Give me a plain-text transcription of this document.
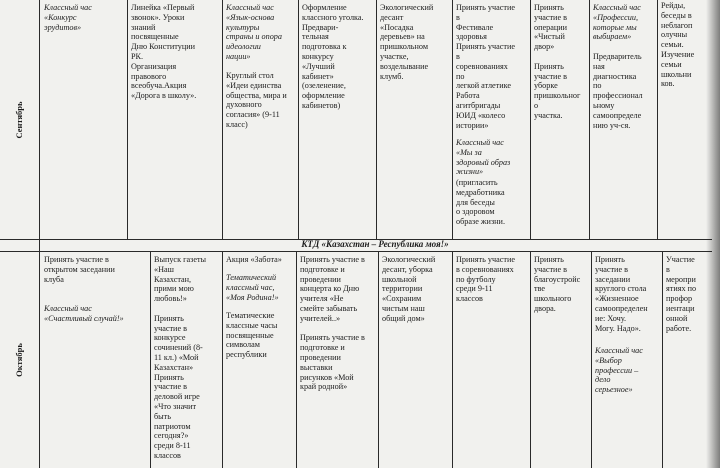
Сентябрь
Октябрь
Классный час
«Конкурс
эрудитов»
Линейка «Первый
звонок». Уроки
знаний
посвященные
Дню Конституции
РК.
Организация
правового
всеобуча.Акция
«Дорога в школу».
Классный час
«Язык-основа
культуры
страны и опора
идеологии
нации»
Круглый стол
«Идеи единства
общества, мира и
духовного
согласия» (9-11
класс)
Оформление
классного уголка.
Предвари-
тельная
подготовка к
конкурсу
«Лучший
кабинет»
(озеленение,
оформление
кабинетов)
Экологический
десант
«Посадка
деревьев» на
пришкольном
участке,
возделывание
клумб.
Принять участие
в
Фестивале
здоровья
Принять участие
в
соревнованиях
по
легкой атлетике
Работа
агитбригады
ЮИД «колесо
истории»
Классный час
«Мы за
здоровый образ
жизни»
(пригласить
медработника
для беседы
о здоровом
образе жизни.
Принять
участие в
операции
«Чистый
двор»

Принять
участие в
уборке
пришкольног
о
участка.
Классный час
«Профессии,
которые мы
выбираем»
Предваритель
ная
диагностика
по
профессионал
ьному
самоопределе
нию уч-ся.
Рейды,
беседы в
неблагоп
олучны
семьи.
Изучение
семьи
школьни
ков.
КТД «Казахстан – Республика моя!»
Принять участие в
открытом заседании
клуба
Классный час
«Счастливый случай!»
Выпуск газеты
«Наш
Казахстан,
прими мою
любовь!»

Принять
участие в
конкурсе
сочинений (8-
11 кл.) «Мой
Казахстан»
Принять
участие в
деловой игре
«Что значит
быть
патриотом
сегодня?»
среди 8-11
классов
Акция «Забота»
Тематический
классный час,
«Моя Родина!»
Тематические
классные часы
посвященные
символам
республики
Принять участие в
подготовке и
проведении
концерта ко Дню
учителя «Не
смейте забывать
учителей..»

Принять участие в
подготовке и
проведении
выставки
рисунков «Мой
край родной»
Экологический
десант, уборка
школьной
территории
«Сохраним
чистым наш
общий дом»
Принять участие
в соревнованиях
по футболу
среди 9-11
классов
Принять
участие в
благоустройс
тве
школьного
двора.
Принять
участие в
заседании
круглого стола
«Жизненное
самоопределен
ие: Хочу.
Могу. Надо».
Классный час
«Выбор
профессии –
дело
серьезное»
Участие
в
меропри
ятиях по
профор
иентаци
онной
работе.
